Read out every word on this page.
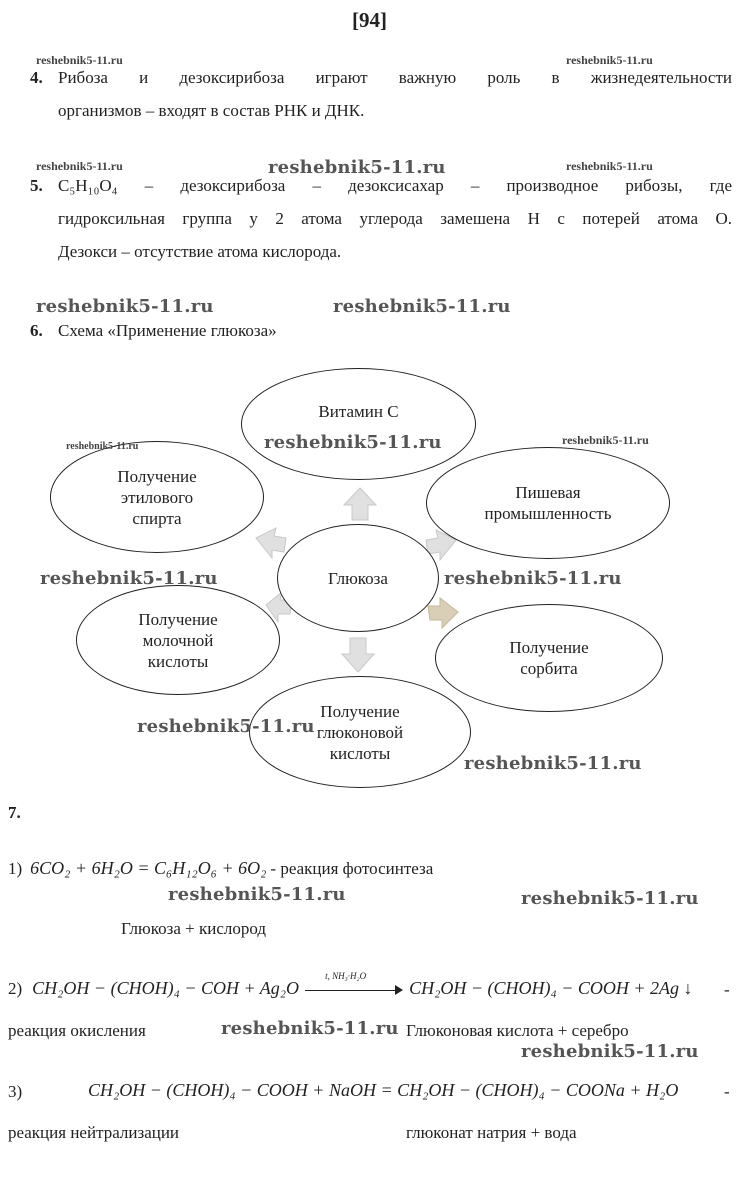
[94]
reshebnik5-11.ru	reshebnik5-11.ru
reshebnik5-11.ru	reshebnik5-11.ru
4. Рибоза и дезоксирибоза играют важную роль в жизнедеятельности
организмов – входят в состав РНК и ДНК.
reshebnik5-11.ru
5. C₅H₁₀O₄ – дезоксирибоза – дезоксисахар – производное рибозы, где
гидроксильная группа у 2 атома углерода замешена Н с потерей атома О.
Дезокси – отсутствие атома кислорода.
reshebnik5-11.ru	reshebnik5-11.ru
6. Схема «Применение глюкоза»
Витамин С
Пишевая
промышленность
Получение
сорбита
Получение
глюконовой
кислоты
Получение
молочной
кислоты
Получение
этилового
спирта
Глюкоза
reshebnik5-11.ru	reshebnik5-11.ru
reshebnik5-11.ru
reshebnik5-11.ru	reshebnik5-11.ru
reshebnik5-11.ru
reshebnik5-11.ru
7.
1) 6CO₂ + 6H₂O = C₆H₁₂O₆ + 6O₂ - реакция фотосинтеза
reshebnik5-11.ru	reshebnik5-11.ru
Глюкоза + кислород
2) CH₂OH − (CHOH)₄ − COH + Ag₂O
t, NH₃·H₂O
CH₂OH − (CHOH)₄ − COOH + 2Ag ↓ -
реакция окисления	reshebnik5-11.ru Глюконовая кислота + серебро
reshebnik5-11.ru
3)	CH₂OH − (CHOH)₄ − COOH + NaOH = CH₂OH − (CHOH)₄ − COONa + H₂O	-
реакция нейтрализации	глюконат натрия + вода
